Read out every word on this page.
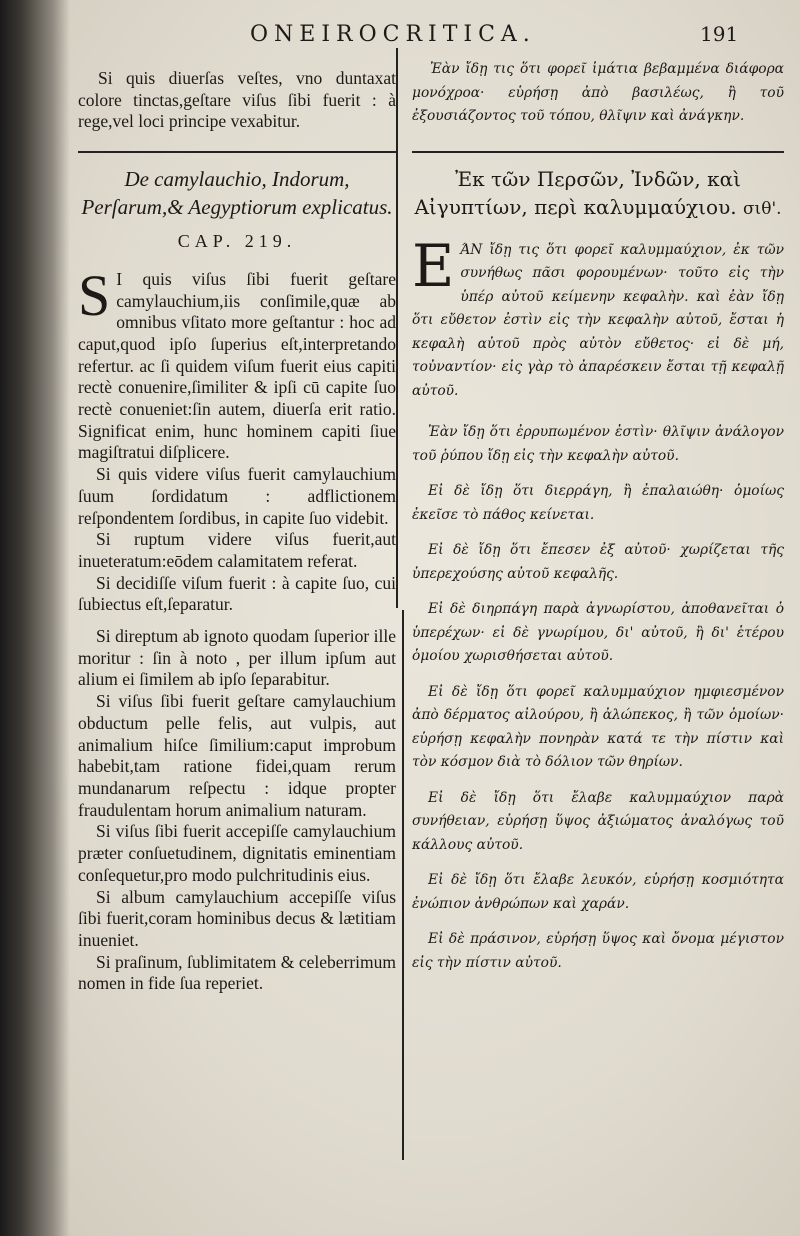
ONEIROCRITICA.	191

Si quis diuerſas veſtes, vno duntaxat colore tinctas,geſtare viſus ſibi fuerit : à rege,vel loci principe vexabitur.

De camylauchio, Indorum, Perſarum,& Aegyptiorum explicatus.
CAP. 219.

S I quis viſus ſibi fuerit geſtare camylauchium,iis conſimile,quæ ab omnibus vſitato more geſtantur : hoc ad caput,quod ipſo ſuperius eſt,interpretando refertur. ac ſi quidem viſum fuerit eius capiti rectè conuenire,ſimiliter & ipſi cū capite ſuo rectè conueniet:ſin autem, diuerſa erit ratio. Significat enim, hunc hominem capiti ſiue magiſtratui diſplicere.

Si quis videre viſus fuerit camylauchium ſuum ſordidatum : adflictionem reſpondentem ſordibus, in capite ſuo videbit.

Si ruptum videre viſus fuerit,aut inueteratum:eōdem calamitatem referat.

Si decidiſſe viſum fuerit : à capite ſuo, cui ſubiectus eſt,ſeparatur.

Si direptum ab ignoto quodam ſuperior ille moritur : ſin à noto , per illum ipſum aut alium ei ſimilem ab ipſo ſeparabitur.

Si viſus ſibi fuerit geſtare camylauchium obductum pelle felis, aut vulpis, aut animalium hiſce ſimilium:caput improbum habebit,tam ratione fidei,quam rerum mundanarum reſpectu : idque propter fraudulentam horum animalium naturam.

Si viſus ſibi fuerit accepiſſe camylauchium præter conſuetudinem, dignitatis eminentiam conſequetur,pro modo pulchritudinis eius.

Si album camylauchium accepiſſe viſus ſibi fuerit,coram hominibus decus & lætitiam inueniet.

Si praſinum, ſublimitatem & celeberrimum nomen in fide ſua reperiet.

Ἐὰν ἴδῃ τις ὅτι φορεῖ ἱμάτια βεβαμμένα διάφορα μονόχροα· εὑρήσῃ ἀπὸ βασιλέως, ἢ τοῦ ἐξουσιάζοντος τοῦ τόπου, θλῖψιν καὶ ἀνάγκην.

Ἐκ τῶν Περσῶν, Ἰνδῶν, καὶ Αἰγυπτίων, περὶ καλυμμαύχιου. σιθ'.

ΕΆΝ ἴδῃ τις ὅτι φορεῖ καλυμμαύχιον, ἐκ τῶν συνήθως πᾶσι φορουμένων· τοῦτο εἰς τὴν ὑπέρ αὐτοῦ κείμενην κεφαλὴν. καὶ ἐὰν ἴδῃ ὅτι εὔθετον ἐστὶν εἰς τὴν κεφαλὴν αὐτοῦ, ἔσται ἡ κεφαλὴ αὐτοῦ πρὸς αὐτὸν εὔθετος· εἰ δὲ μή, τοὐναντίον· εἰς γὰρ τὸ ἀπαρέσκειν ἔσται τῇ κεφαλῇ αὐτοῦ.

Ἐὰν ἴδῃ ὅτι ἐρρυπωμένον ἐστὶν· θλῖψιν ἀνάλογον τοῦ ῥύπου ἴδῃ εἰς τὴν κεφαλὴν αὐτοῦ.

Εἰ δὲ ἴδῃ ὅτι διερράγη, ἢ ἐπαλαιώθη· ὁμοίως ἐκεῖσε τὸ πάθος κείνεται.

Εἰ δὲ ἴδῃ ὅτι ἔπεσεν ἐξ αὐτοῦ· χωρίζεται τῆς ὑπερεχούσης αὐτοῦ κεφαλῆς.

Εἰ δὲ διηρπάγη παρὰ ἀγνωρίστου, ἀποθανεῖται ὁ ὑπερέχων· εἰ δὲ γνωρίμου, δι' αὐτοῦ, ἢ δι' ἑτέρου ὁμοίου χωρισθήσεται αὐτοῦ.

Εἰ δὲ ἴδῃ ὅτι φορεῖ καλυμμαύχιον ημφιεσμένον ἀπὸ δέρματος αἰλούρου, ἢ ἀλώπεκος, ἢ τῶν ὁμοίων· εὑρήσῃ κεφαλὴν πονηρὰν κατά τε τὴν πίστιν καὶ τὸν κόσμον διὰ τὸ δόλιον τῶν θηρίων.

Εἰ δὲ ἴδῃ ὅτι ἔλαβε καλυμμαύχιον παρὰ συνήθειαν, εὑρήσῃ ὕψος ἀξιώματος ἀναλόγως τοῦ κάλλους αὐτοῦ.

Εἰ δὲ ἴδῃ ὅτι ἔλαβε λευκόν, εὑρήσῃ κοσμιότητα ἐνώπιον ἀνθρώπων καὶ χαράν.

Εἰ δὲ πράσινον, εὑρήσῃ ὕψος καὶ ὄνομα μέγιστον εἰς τὴν πίστιν αὐτοῦ.
